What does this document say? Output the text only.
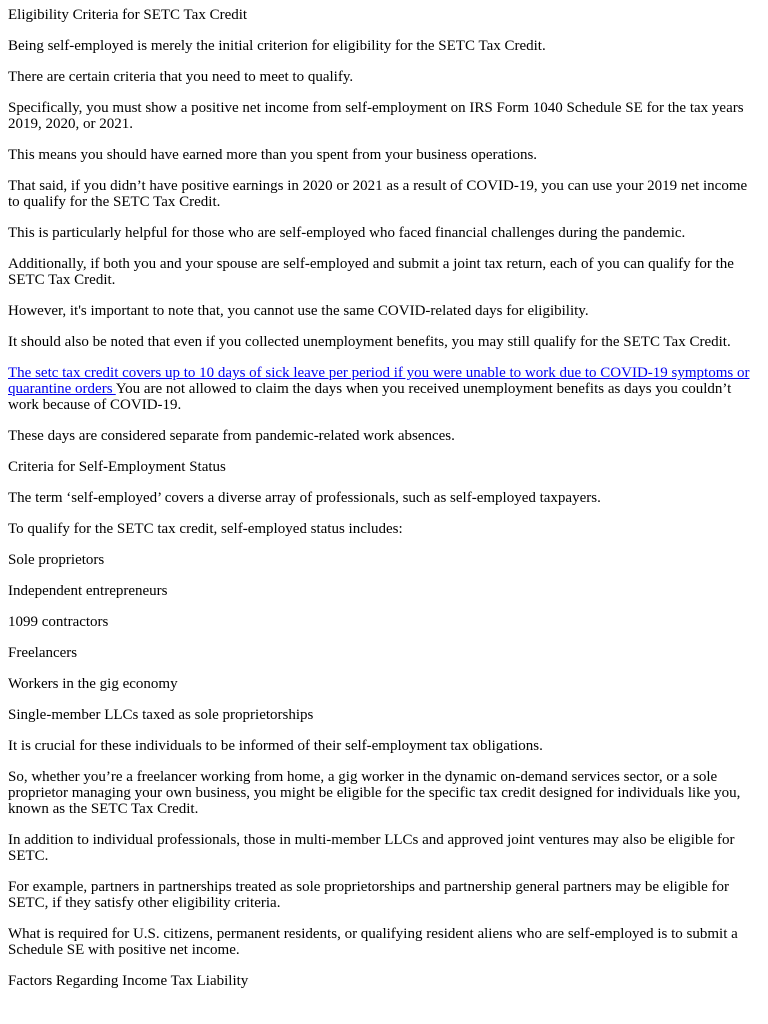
Eligibility Criteria for SETC Tax Credit

Being self-employed is merely the initial criterion for eligibility for the SETC Tax Credit.

There are certain criteria that you need to meet to qualify.

Specifically, you must show a positive net income from self-employment on IRS Form 1040 Schedule SE for the tax years 2019, 2020, or 2021.

This means you should have earned more than you spent from your business operations.

That said, if you didn’t have positive earnings in 2020 or 2021 as a result of COVID-19, you can use your 2019 net income to qualify for the SETC Tax Credit.

This is particularly helpful for those who are self-employed who faced financial challenges during the pandemic.

Additionally, if both you and your spouse are self-employed and submit a joint tax return, each of you can qualify for the SETC Tax Credit.

However, it's important to note that, you cannot use the same COVID-related days for eligibility.

It should also be noted that even if you collected unemployment benefits, you may still qualify for the SETC Tax Credit.

The setc tax credit covers up to 10 days of sick leave per period if you were unable to work due to COVID-19 symptoms or quarantine orders You are not allowed to claim the days when you received unemployment benefits as days you couldn’t work because of COVID-19.

These days are considered separate from pandemic-related work absences.

Criteria for Self-Employment Status

The term ‘self-employed’ covers a diverse array of professionals, such as self-employed taxpayers.

To qualify for the SETC tax credit, self-employed status includes:

Sole proprietors

Independent entrepreneurs

1099 contractors

Freelancers

Workers in the gig economy

Single-member LLCs taxed as sole proprietorships

It is crucial for these individuals to be informed of their self-employment tax obligations.

So, whether you’re a freelancer working from home, a gig worker in the dynamic on-demand services sector, or a sole proprietor managing your own business, you might be eligible for the specific tax credit designed for individuals like you, known as the SETC Tax Credit.

In addition to individual professionals, those in multi-member LLCs and approved joint ventures may also be eligible for SETC.

For example, partners in partnerships treated as sole proprietorships and partnership general partners may be eligible for SETC, if they satisfy other eligibility criteria.

What is required for U.S. citizens, permanent residents, or qualifying resident aliens who are self-employed is to submit a Schedule SE with positive net income.

Factors Regarding Income Tax Liability
